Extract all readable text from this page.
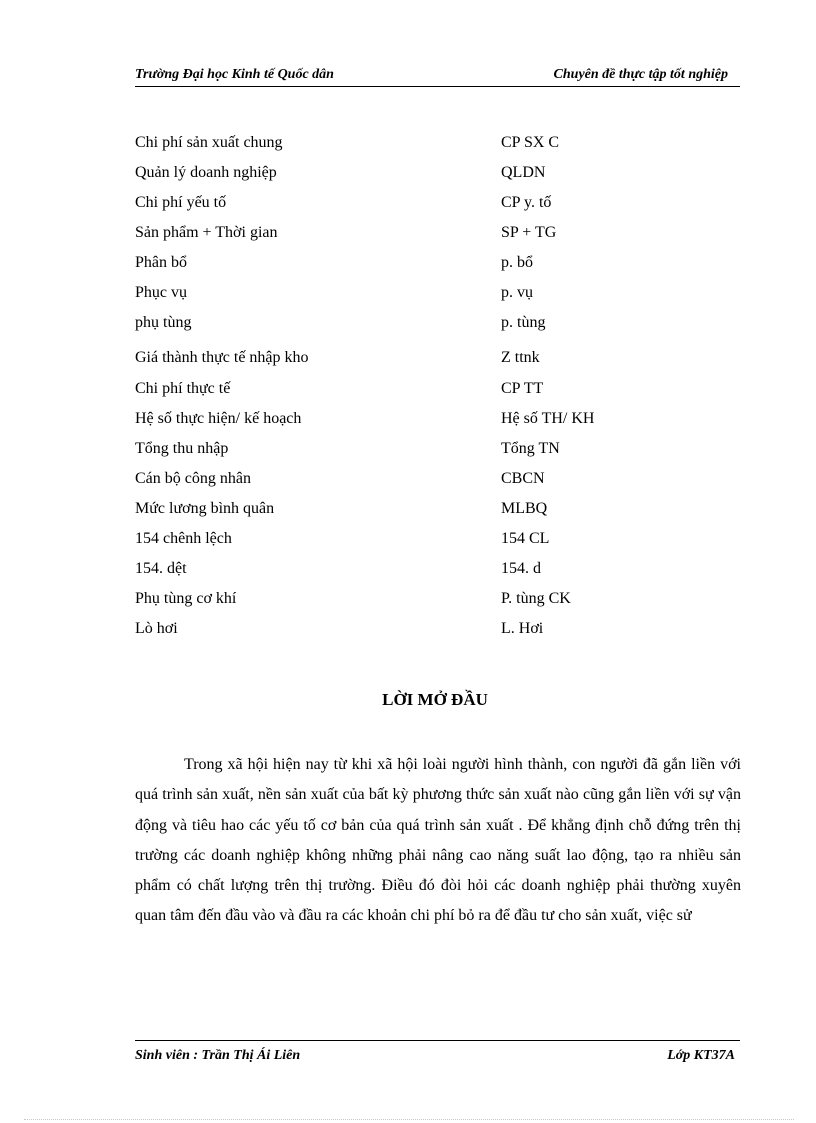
Trường Đại học Kinh tế Quốc dân	Chuyên đề thực tập tốt nghiệp
Chi phí sản xuất chung	CP SX C
Quản lý doanh nghiệp	QLDN
Chi phí yếu tố	CP y. tố
Sản phẩm + Thời gian	SP + TG
Phân bổ	p. bổ
Phục vụ	p. vụ
phụ tùng	p. tùng
Giá thành thực tế nhập kho	Z ttnk
Chi phí thực tế	CP TT
Hệ số thực hiện/ kế hoạch	Hệ số TH/ KH
Tổng thu nhập	Tổng TN
Cán bộ công nhân	CBCN
Mức lương bình quân	MLBQ
154 chênh lệch	154 CL
154. dệt	154. d
Phụ tùng cơ khí	P. tùng CK
Lò hơi	L. Hơi
LỜI MỞ ĐẦU

Trong xã hội hiện nay từ khi xã hội loài người hình thành, con người đã gắn liền với quá trình sản xuất, nền sản xuất của bất kỳ phương thức sản xuất nào cũng gắn liền với sự vận động và tiêu hao các yếu tố cơ bản của quá trình sản xuất . Để khẳng định chỗ đứng trên thị trường các doanh nghiệp không những phải nâng cao năng suất lao động, tạo ra nhiều sản phẩm có chất lượng trên thị trường. Điều đó đòi hỏi các doanh nghiệp phải thường xuyên quan tâm đến đầu vào và đầu ra các khoản chi phí bỏ ra để đầu tư cho sản xuất, việc sử

Sinh viên : Trần Thị Ái Liên	Lớp KT37A
